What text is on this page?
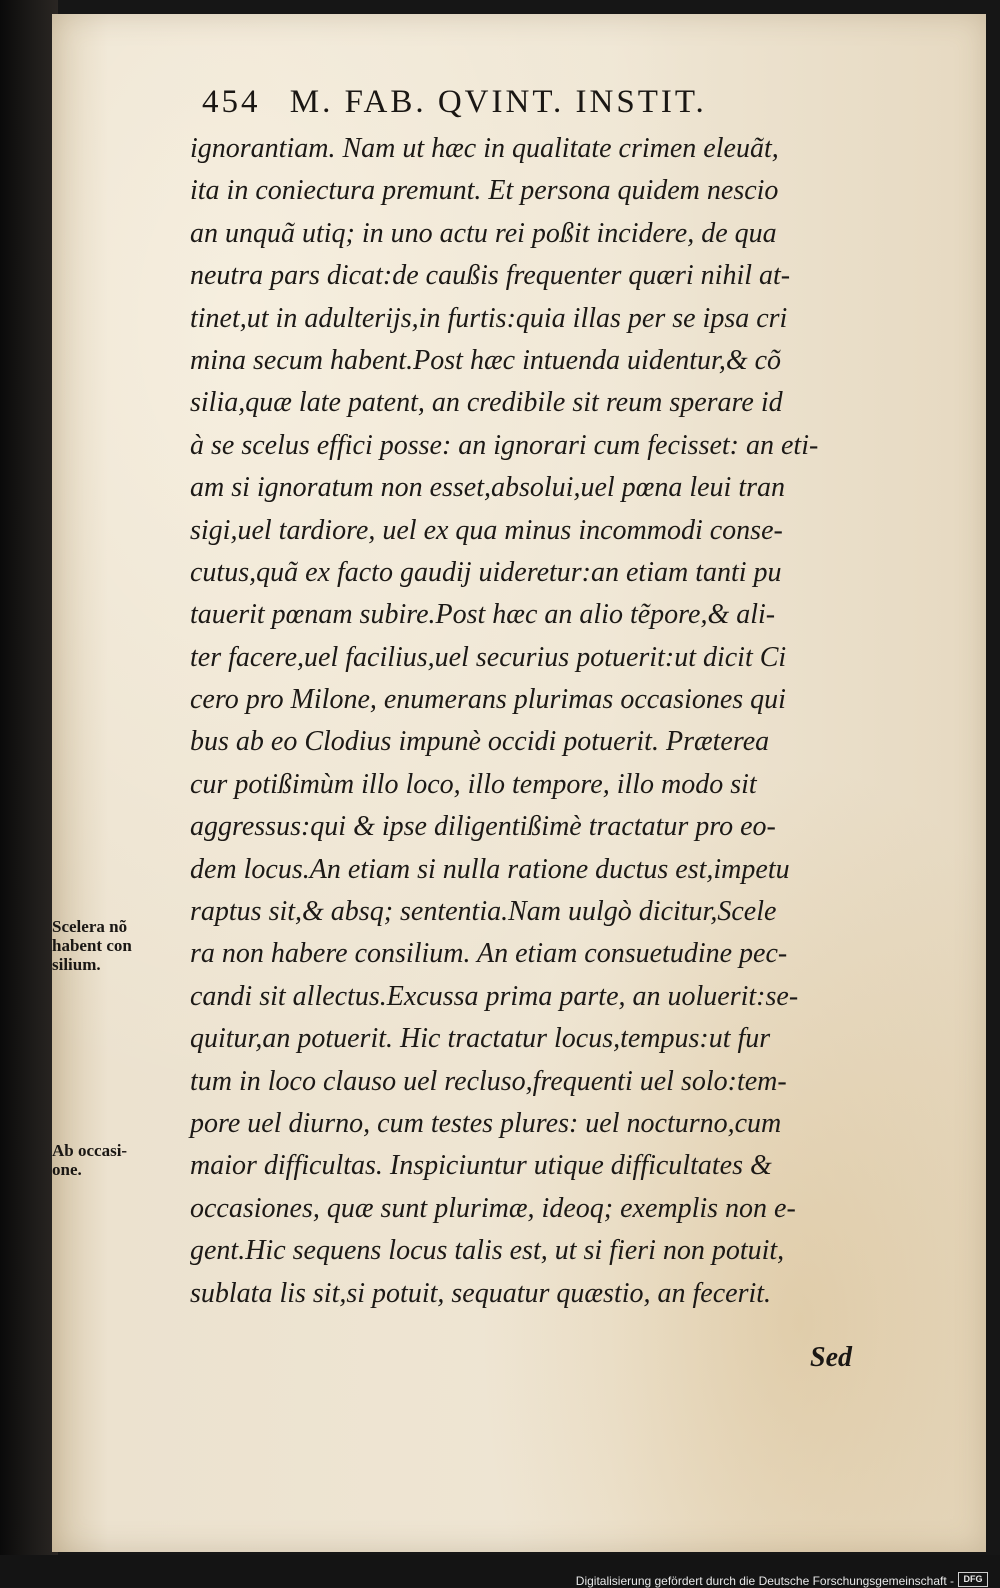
454 M. FAB. QVINT. INSTIT.
ignorantiam. Nam ut hæc in qualitate crimen eleuãt,
ita in coniectura premunt. Et persona quidem nescio
an unquã utiq; in uno actu rei poßit incidere, de qua
neutra pars dicat:de caußis frequenter quæri nihil at-
tinet,ut in adulterijs,in furtis:quia illas per se ipsa cri
mina secum habent.Post hæc intuenda uidentur,& cõ
silia,quæ late patent, an credibile sit reum sperare id
à se scelus effici posse: an ignorari cum fecisset: an eti-
am si ignoratum non esset,absolui,uel pœna leui tran
sigi,uel tardiore, uel ex qua minus incommodi conse-
cutus,quã ex facto gaudij uideretur:an etiam tanti pu
tauerit pœnam subire.Post hæc an alio tẽpore,& ali-
ter facere,uel facilius,uel securius potuerit:ut dicit Ci
cero pro Milone, enumerans plurimas occasiones qui
bus ab eo Clodius impunè occidi potuerit. Præterea
cur potißimùm illo loco, illo tempore, illo modo sit
aggressus:qui & ipse diligentißimè tractatur pro eo-
dem locus.An etiam si nulla ratione ductus est,impetu
raptus sit,& absq; sententia.Nam uulgò dicitur,Scele
ra non habere consilium. An etiam consuetudine pec-
candi sit allectus.Excussa prima parte, an uoluerit:se-
quitur,an potuerit. Hic tractatur locus,tempus:ut fur
tum in loco clauso uel recluso,frequenti uel solo:tem-
pore uel diurno, cum testes plures: uel nocturno,cum
maior difficultas. Inspiciuntur utique difficultates &
occasiones, quæ sunt plurimæ, ideoq; exemplis non e-
gent.Hic sequens locus talis est, ut si fieri non potuit,
sublata lis sit,si potuit, sequatur quæstio, an fecerit.
Scelera nõ
habent con
silium.
Ab occasi-
one.
Sed
Digitalisierung gefördert durch die Deutsche Forschungsgemeinschaft -	DFG
